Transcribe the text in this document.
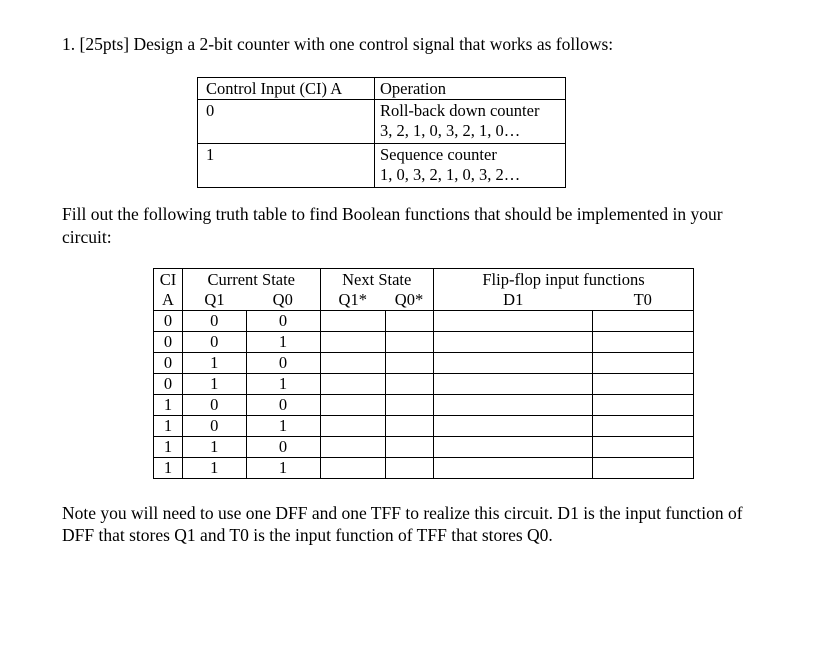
1. [25pts] Design a 2-bit counter with one control signal that works as follows:
Control Input (CI) A	Operation
0	Roll-back down counter
3, 2, 1, 0, 3, 2, 1, 0…

1	Sequence counter
1, 0, 3, 2, 1, 0, 3, 2…
Fill out the following truth table to find Boolean functions that should be implemented in your circuit:
CI	Current State		Next State		Flip-flop input functions	
A	Q1	Q0	Q1*	Q0*	D1	T0
0	0	0				
0	0	1				
0	1	0				
0	1	1				
1	0	0				
1	0	1				
1	1	0				
1	1	1				
Note you will need to use one DFF and one TFF to realize this circuit. D1 is the input function of DFF that stores Q1 and T0 is the input function of TFF that stores Q0.
